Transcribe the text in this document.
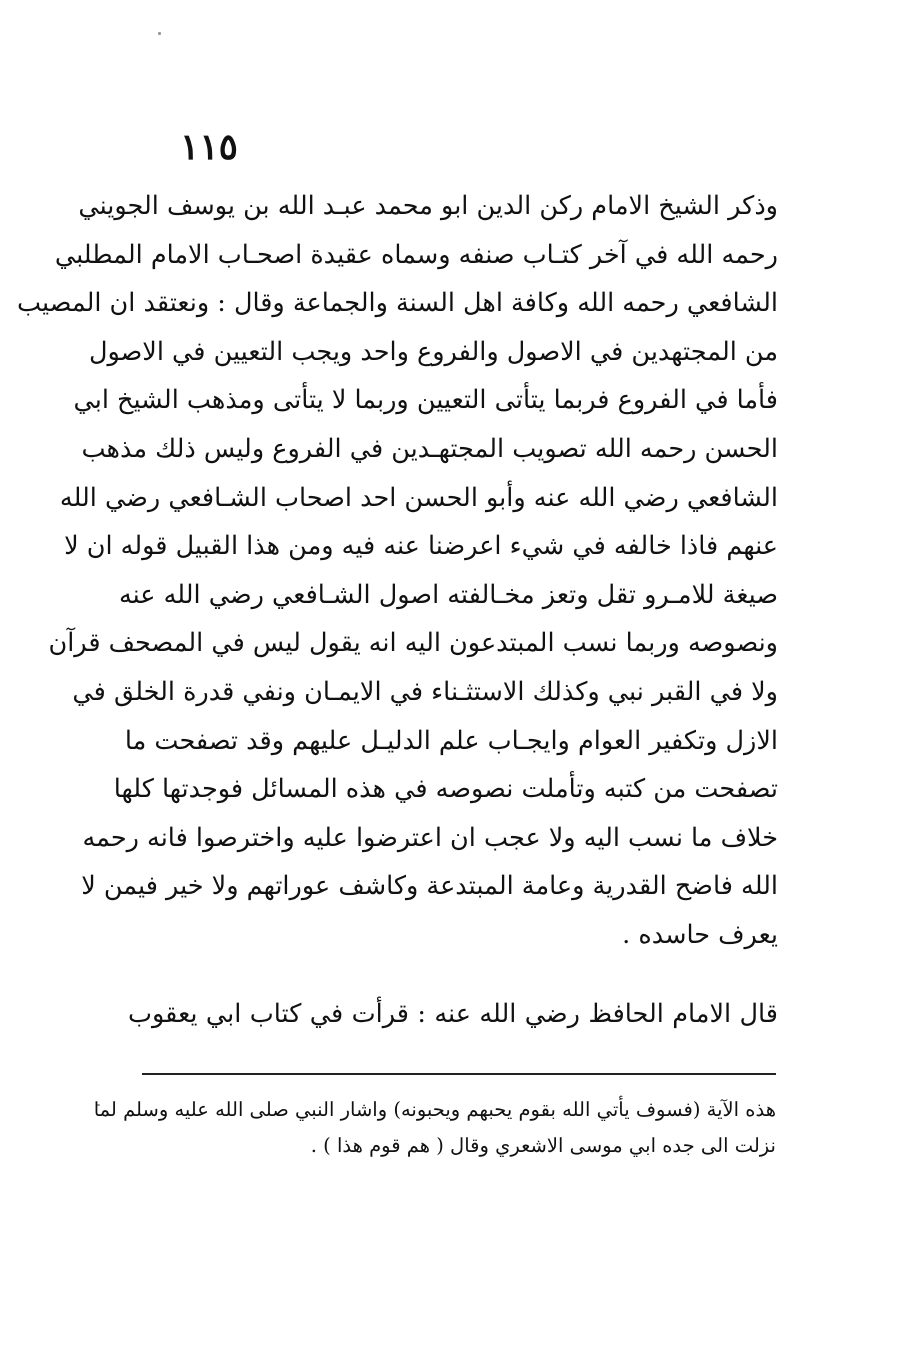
١١٥
وذكر الشيخ الامام ركن الدين ابو محمد عبـد الله بن يوسف الجويني
رحمه الله في آخر كتـاب صنفه وسماه عقيدة اصحـاب الامام المطلبي
الشافعي رحمه الله وكافة اهل السنة والجماعة وقال : ونعتقد ان المصيب
من المجتهدين في الاصول والفروع واحد ويجب التعيين في الاصول
فأما في الفروع فربما يتأتى التعيين وربما لا يتأتى ومذهب الشيخ ابي
الحسن رحمه الله تصويب المجتهـدين في الفروع وليس ذلك مذهب
الشافعي رضي الله عنه وأبو الحسن احد اصحاب الشـافعي رضي الله
عنهم فاذا خالفه في شيء اعرضنا عنه فيه ومن هذا القبيل قوله ان لا
صيغة للامـرو تقل وتعز مخـالفته اصول الشـافعي رضي الله عنه
ونصوصه وربما نسب المبتدعون اليه انه يقول ليس في المصحف قرآن
ولا في القبر نبي وكذلك الاستثـناء في الايمـان ونفي قدرة الخلق في
الازل وتكفير العوام وايجـاب علم الدليـل عليهم وقد تصفحت ما
تصفحت من كتبه وتأملت نصوصه في هذه المسائل فوجدتها كلها
خلاف ما نسب اليه ولا عجب ان اعترضوا عليه واخترصوا فانه رحمه
الله فاضح القدرية وعامة المبتدعة وكاشف عوراتهم ولا خير فيمن لا
يعرف حاسده .
قال الامام الحافظ رضي الله عنه : قرأت في كتاب ابي يعقوب
هذه الآية (فسوف يأتي الله بقوم يحبهم ويحبونه) واشار النبي صلى الله عليه وسلم لما
نزلت الى جده ابي موسى الاشعري وقال ( هم قوم هذا ) .
